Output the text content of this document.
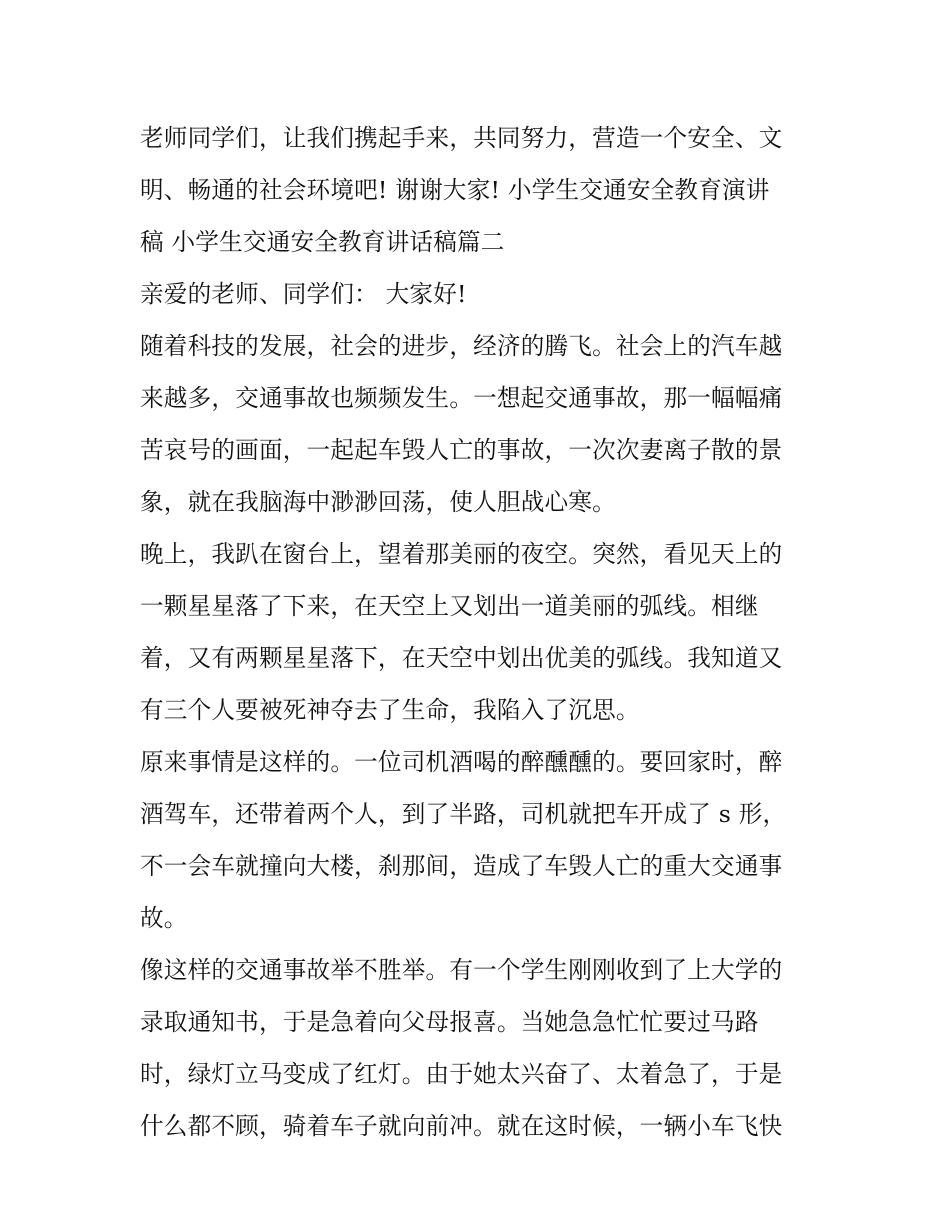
老师同学们，让我们携起手来，共同努力，营造一个安全、文
明、畅通的社会环境吧! 谢谢大家! 小学生交通安全教育演讲
稿 小学生交通安全教育讲话稿篇二
亲爱的老师、同学们： 大家好!
随着科技的发展，社会的进步，经济的腾飞。社会上的汽车越
来越多，交通事故也频频发生。一想起交通事故，那一幅幅痛
苦哀号的画面，一起起车毁人亡的事故，一次次妻离子散的景
象，就在我脑海中渺渺回荡，使人胆战心寒。
晚上，我趴在窗台上，望着那美丽的夜空。突然，看见天上的
一颗星星落了下来，在天空上又划出一道美丽的弧线。相继
着，又有两颗星星落下，在天空中划出优美的弧线。我知道又
有三个人要被死神夺去了生命，我陷入了沉思。
原来事情是这样的。一位司机酒喝的醉醺醺的。要回家时，醉
酒驾车，还带着两个人，到了半路，司机就把车开成了 s 形，
不一会车就撞向大楼，刹那间，造成了车毁人亡的重大交通事
故。
像这样的交通事故举不胜举。有一个学生刚刚收到了上大学的
录取通知书，于是急着向父母报喜。当她急急忙忙要过马路
时，绿灯立马变成了红灯。由于她太兴奋了、太着急了，于是
什么都不顾，骑着车子就向前冲。就在这时候，一辆小车飞快
